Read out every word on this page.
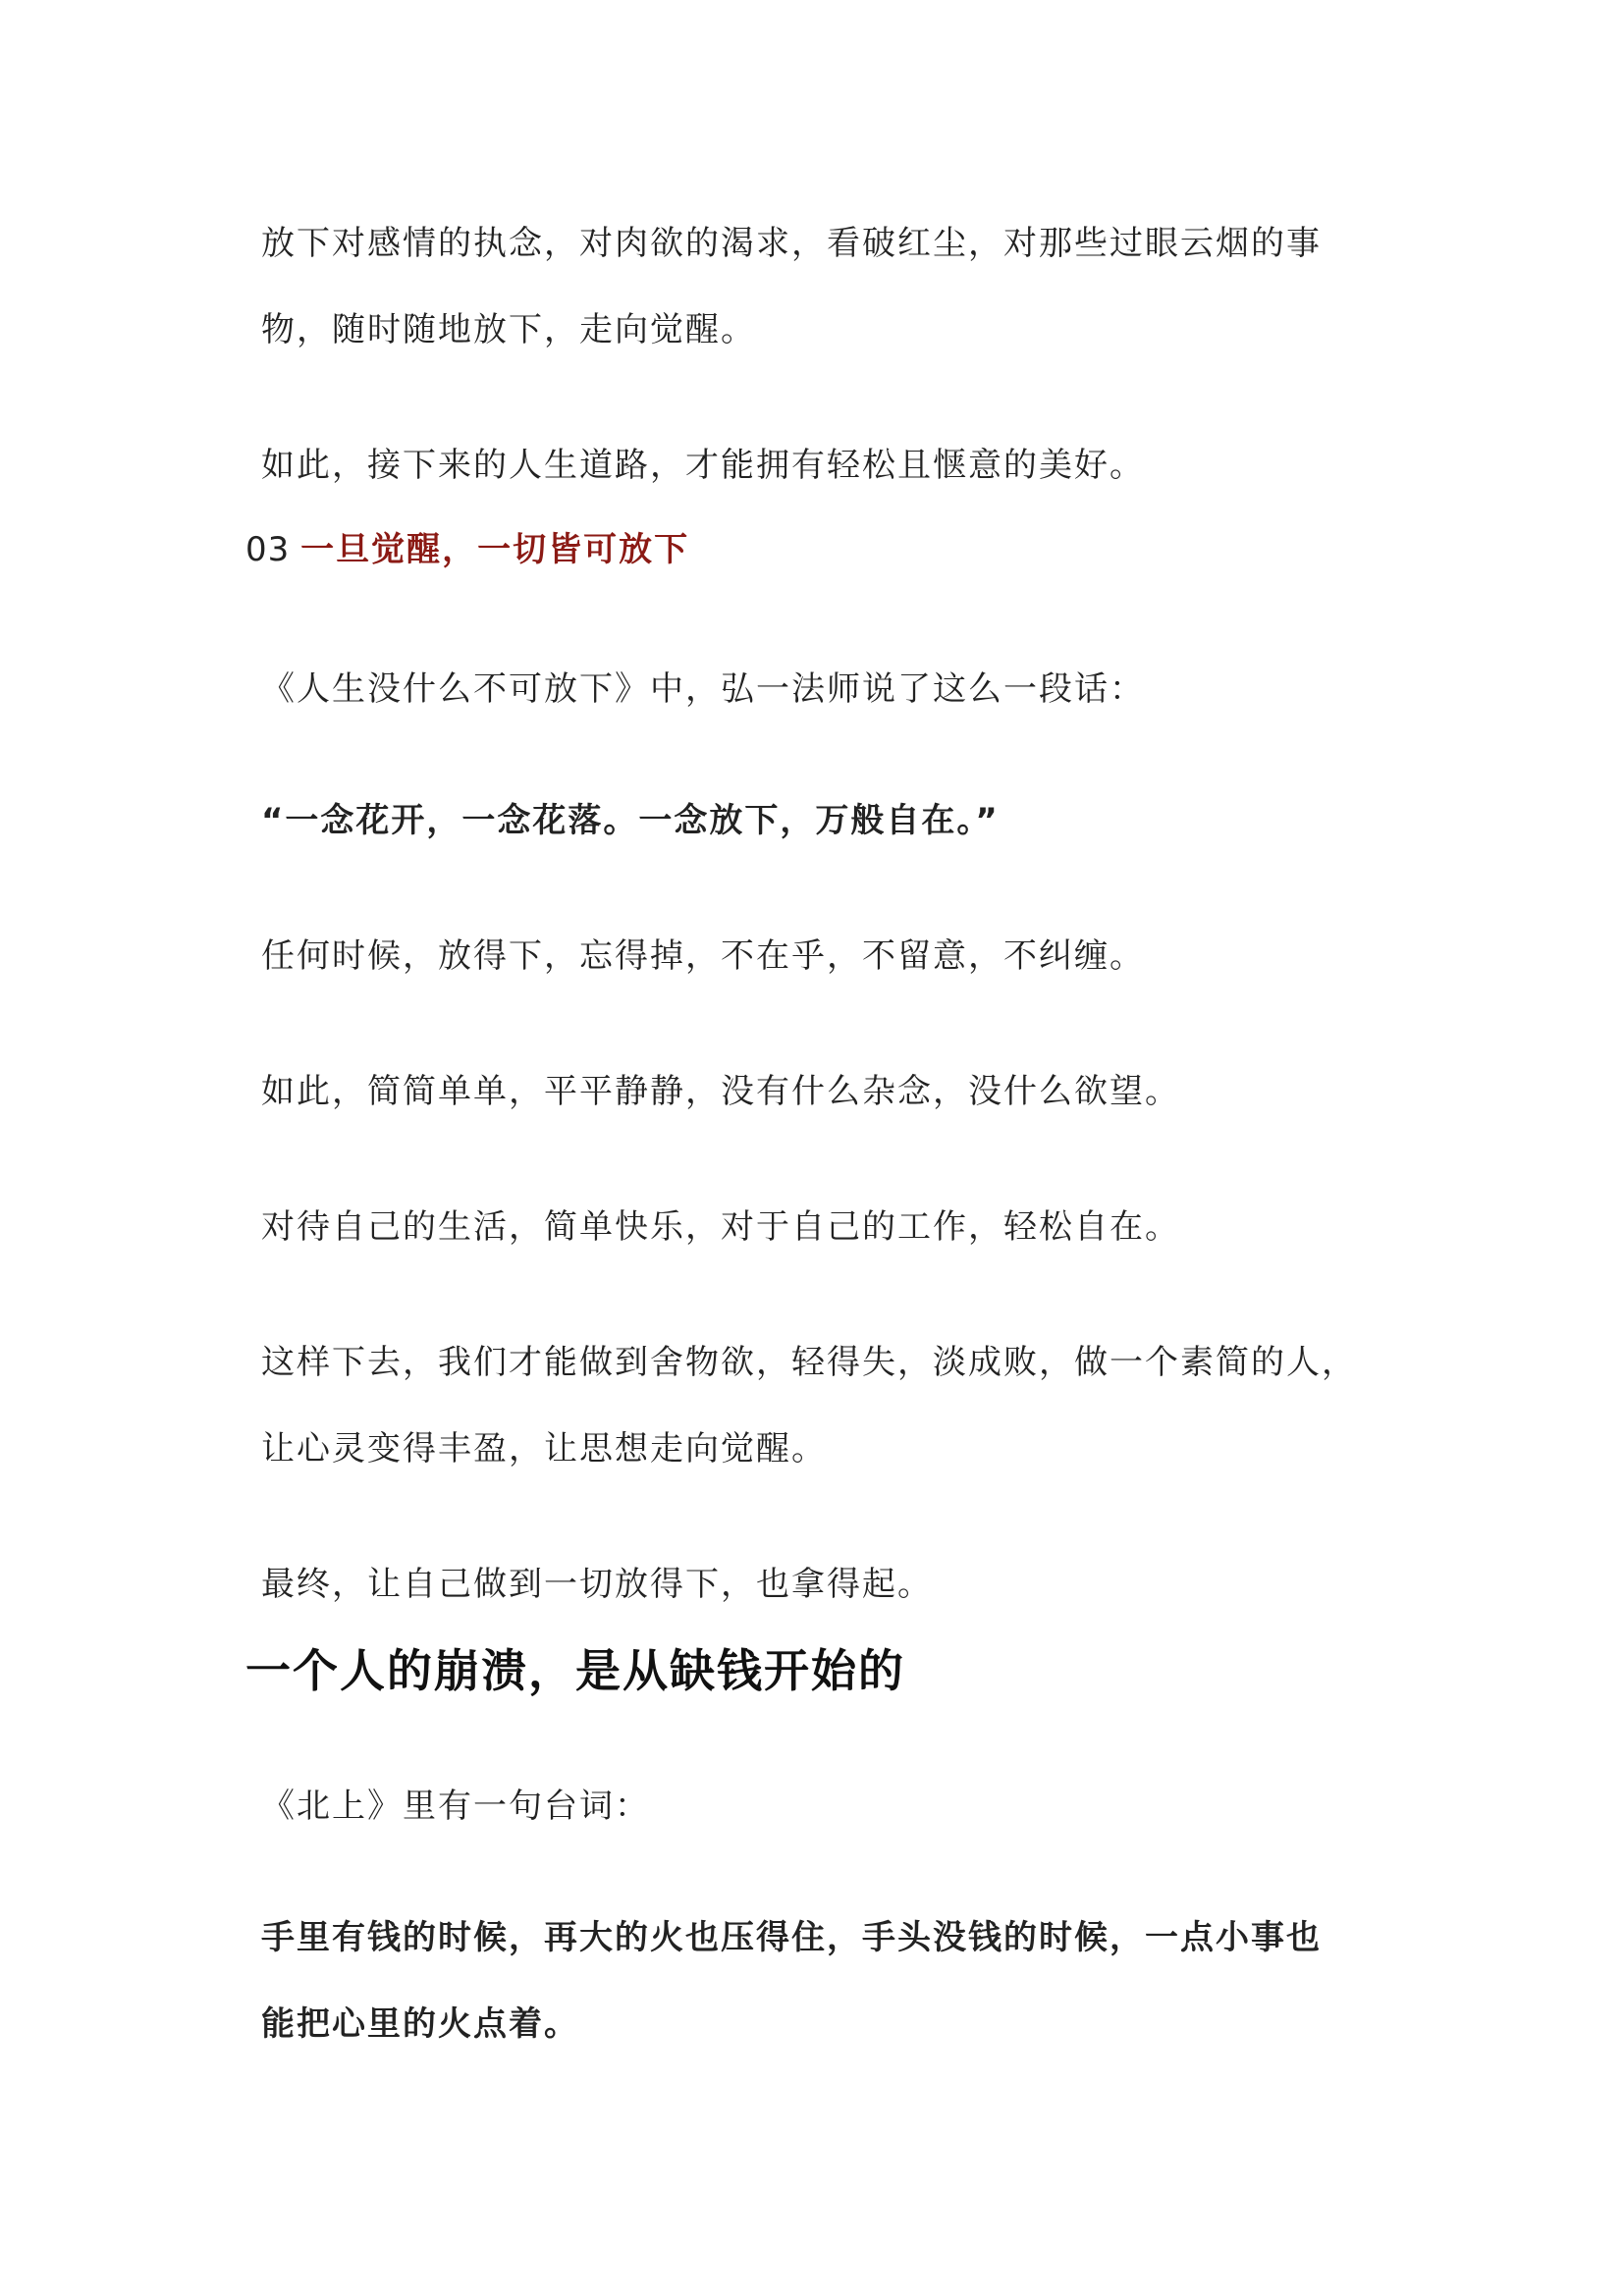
放下对感情的执念，对肉欲的渴求，看破红尘，对那些过眼云烟的事
物，随时随地放下，走向觉醒。
如此，接下来的人生道路，才能拥有轻松且惬意的美好。
03 一旦觉醒，一切皆可放下
《人生没什么不可放下》中，弘一法师说了这么一段话：
“一念花开，一念花落。一念放下，万般自在。”
任何时候，放得下，忘得掉，不在乎，不留意，不纠缠。
如此，简简单单，平平静静，没有什么杂念，没什么欲望。
对待自己的生活，简单快乐，对于自己的工作，轻松自在。
这样下去，我们才能做到舍物欲，轻得失，淡成败，做一个素简的人，
让心灵变得丰盈，让思想走向觉醒。
最终，让自己做到一切放得下，也拿得起。
一个人的崩溃，是从缺钱开始的
《北上》里有一句台词：
手里有钱的时候，再大的火也压得住，手头没钱的时候，一点小事也
能把心里的火点着。
